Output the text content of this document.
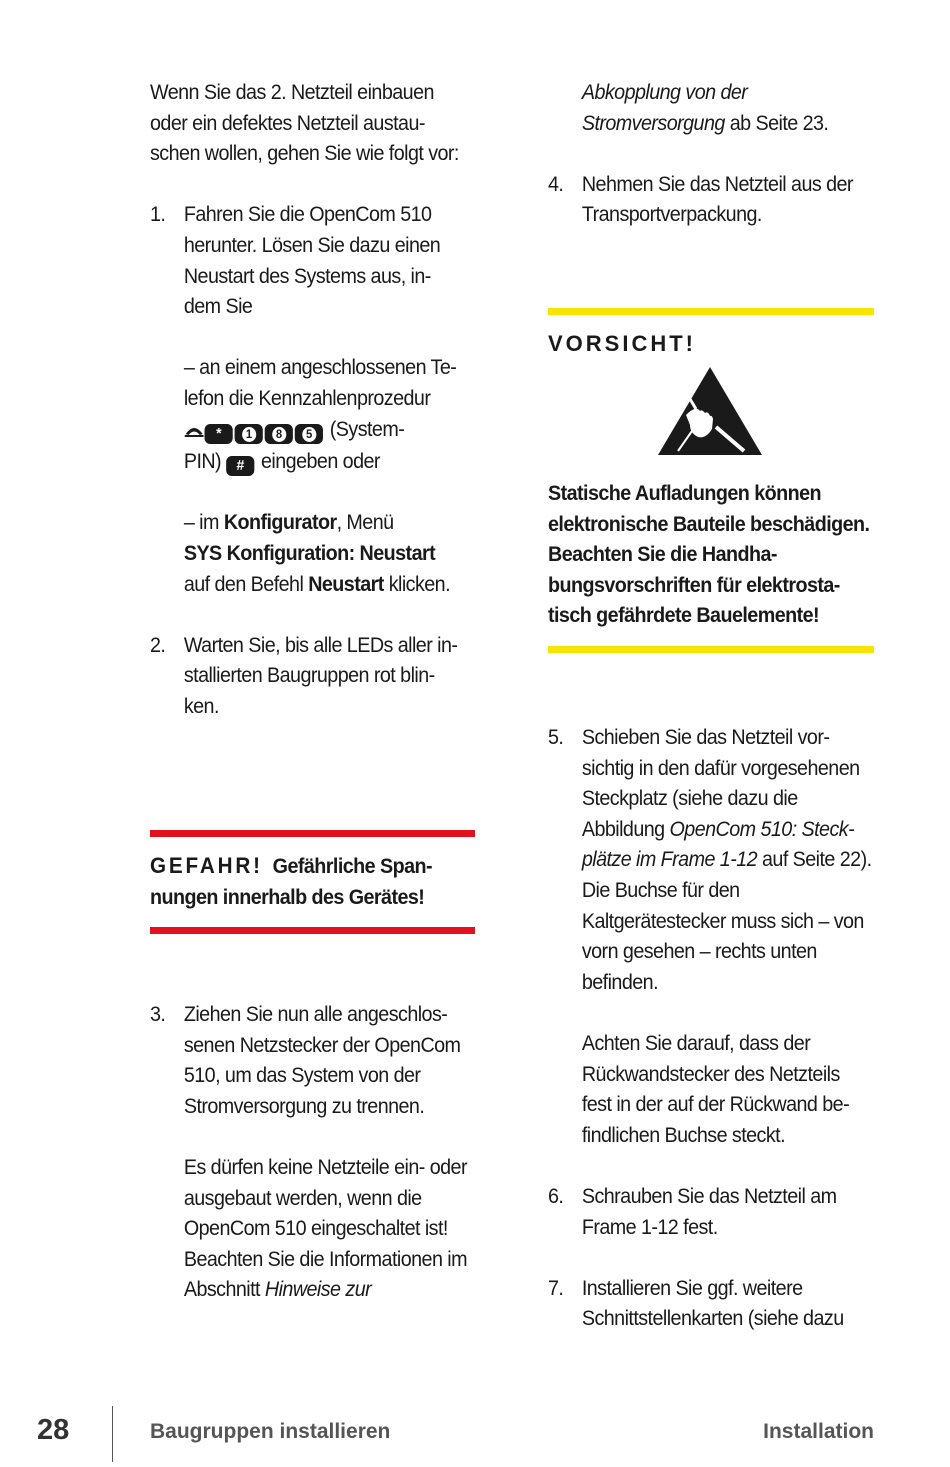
Wenn Sie das 2. Netzteil einbauen oder ein defektes Netzteil austauschen wollen, gehen Sie wie folgt vor:

1. Fahren Sie die OpenCom 510 herunter. Lösen Sie dazu einen Neustart des Systems aus, indem Sie

– an einem angeschlossenen Telefon die Kennzahlenprozedur
* 1 8 5 (System-
PIN) # eingeben oder

– im Konfigurator, Menü
SYS Konfiguration: Neustart
auf den Befehl Neustart klicken.

2. Warten Sie, bis alle LEDs aller installierten Baugruppen rot blinken.

GEFAHR! Gefährliche Spannungen innerhalb des Gerätes!
3. Ziehen Sie nun alle angeschlossenen Netzstecker der OpenCom 510, um das System von der Stromversorgung zu trennen.

Es dürfen keine Netzteile ein- oder ausgebaut werden, wenn die OpenCom 510 eingeschaltet ist! Beachten Sie die Informationen im Abschnitt Hinweise zur

Abkopplung von der Stromversorgung ab Seite 23.

4. Nehmen Sie das Netzteil aus der Transportverpackung.

VORSICHT!
Statische Aufladungen können elektronische Bauteile beschädigen. Beachten Sie die Handhabungsvorschriften für elektrostatisch gefährdete Bauelemente!
5. Schieben Sie das Netzteil vorsichtig in den dafür vorgesehenen Steckplatz (siehe dazu die Abbildung OpenCom 510: Steckplätze im Frame 1-12 auf Seite 22). Die Buchse für den Kaltgerätestecker muss sich – von vorn gesehen – rechts unten befinden.

Achten Sie darauf, dass der Rückwandstecker des Netzteils fest in der auf der Rückwand befindlichen Buchse steckt.

6. Schrauben Sie das Netzteil am Frame 1-12 fest.

7. Installieren Sie ggf. weitere Schnittstellenkarten (siehe dazu

28	Baugruppen installieren	Installation
